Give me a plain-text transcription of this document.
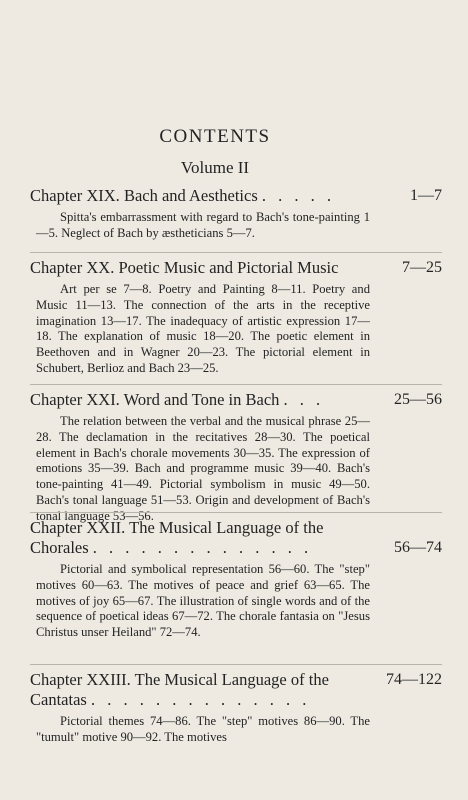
CONTENTS
Volume II
Chapter XIX. Bach and Aesthetics . . . . .	1—7

Spitta's embarrassment with regard to Bach's tone-painting 1—5. Neglect of Bach by æstheticians 5—7.

Chapter XX. Poetic Music and Pictorial Music	7—25

Art per se 7—8. Poetry and Painting 8—11. Poetry and Music 11—13. The connection of the arts in the receptive imagination 13—17. The inadequacy of artistic expression 17—18. The explanation of music 18—20. The poetic element in Beethoven and in Wagner 20—23. The pictorial element in Schubert, Berlioz and Bach 23—25.

Chapter XXI. Word and Tone in Bach . . .	25—56

The relation between the verbal and the musical phrase 25—28. The declamation in the recitatives 28—30. The poetical element in Bach's chorale movements 30—35. The expression of emotions 35—39. Bach and programme music 39—40. Bach's tone-painting 41—49. Pictorial symbolism in music 49—50. Bach's tonal language 51—53. Origin and development of Bach's tonal language 53—56.

Chapter XXII. The Musical Language of the
Chorales . . . . . . . . . . . . . .	56—74

Pictorial and symbolical representation 56—60. The "step" motives 60—63. The motives of peace and grief 63—65. The motives of joy 65—67. The illustration of single words and of the sequence of poetical ideas 67—72. The chorale fantasia on "Jesus Christus unser Heiland" 72—74.

Chapter XXIII. The Musical Language of the
Cantatas . . . . . . . . . . . . . .
74—122

Pictorial themes 74—86. The "step" motives 86—90. The "tumult" motive 90—92. The motives
